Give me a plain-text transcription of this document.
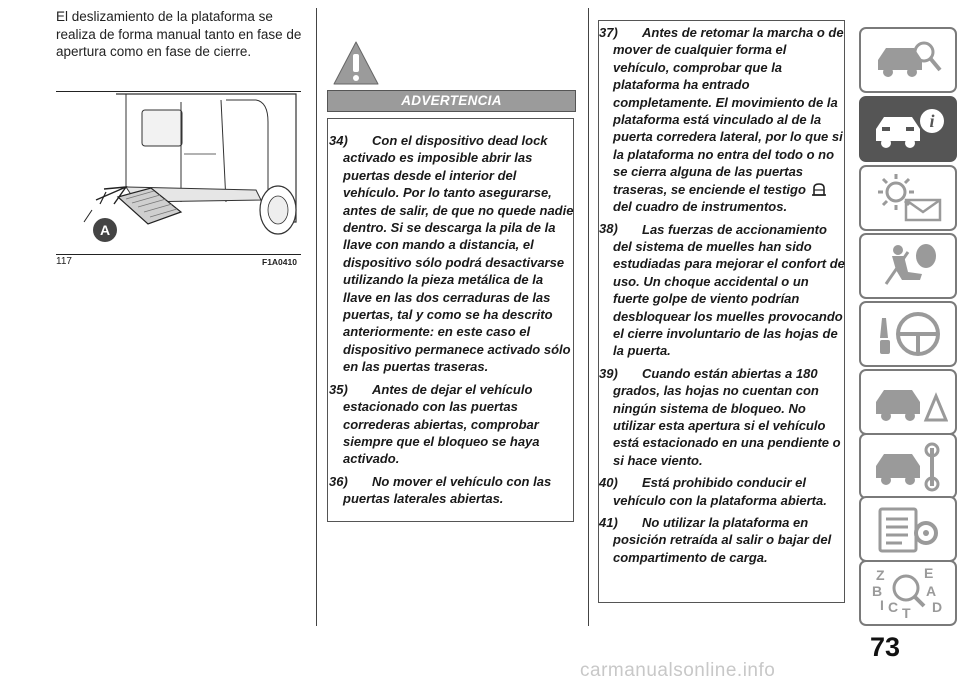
El deslizamiento de la plataforma se realiza de forma manual tanto en fase de apertura como en fase de cierre.
A
117	F1A0410
ADVERTENCIA
34)	Con el dispositivo dead lock activado es imposible abrir las puertas desde el interior del vehículo. Por lo tanto asegurarse, antes de salir, de que no quede nadie dentro. Si se descarga la pila de la llave con mando a distancia, el dispositivo sólo podrá desactivarse utilizando la pieza metálica de la llave en las dos cerraduras de las puertas, tal y como se ha descrito anteriormente: en este caso el dispositivo permanece activado sólo en las puertas traseras.
35)	Antes de dejar el vehículo estacionado con las puertas correderas abiertas, comprobar siempre que el bloqueo se haya activado.
36)	No mover el vehículo con las puertas laterales abiertas.
37)	Antes de retomar la marcha o de mover de cualquier forma el vehículo, comprobar que la plataforma ha entrado completamente. El movimiento de la plataforma está vinculado al de la puerta corredera lateral, por lo que si la plataforma no entra del todo o no se cierra alguna de las puertas traseras, se enciende el testigo  del cuadro de instrumentos.
38)	Las fuerzas de accionamiento del sistema de muelles han sido estudiadas para mejorar el confort de uso. Un choque accidental o un fuerte golpe de viento podrían desbloquear los muelles provocando el cierre involuntario de las hojas de la puerta.
39)	Cuando están abiertas a 180 grados, las hojas no cuentan con ningún sistema de bloqueo. No utilizar esta apertura si el vehículo está estacionado en una pendiente o si hace viento.
40)	Está prohibido conducir el vehículo con la plataforma abierta.
41)	No utilizar la plataforma en posición retraída al salir o bajar del compartimento de carga.
i
Z	E
B	A
C T D
I
73
carmanualsonline.info
